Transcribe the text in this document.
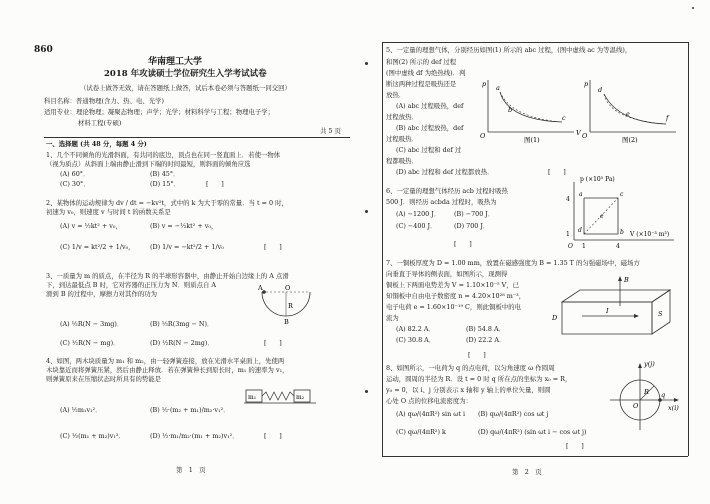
860
华南理工大学
2018 年攻读硕士学位研究生入学考试试卷
（试卷上做答无效，请在答题纸上做答，试后本卷必须与答题纸一同交回）
科目名称：普通物理(含力、热、电、光学)
适用专业：理论物理；凝聚态物理；声学；光学；材料科学与工程；物理电子学；
材料工程(专硕)
共 5 页
一、选择题 (共 48 分，每题 4 分)
1、几个不同倾角的光滑斜面，有共同的底边，顶点也在同一竖直面上．若使一物体
（视为质点）从斜面上端由静止滑到下端的时间最短，则斜面的倾角应选
(A) 60°．	(B) 45°．
(C) 30°．	(D) 15°．	[　　]
2、某物体的运动规律为 dv / dt = −kv²t，式中的 k 为大于零的常量．当 t = 0 时，
初速为 v₀，则速度 v 与时间 t 的函数关系是
(A) v = ½kt² + v₀，	(B) v = −½kt² + v₀，
(C) 1/v = kt²/2 + 1/v₀， (D) 1/v = −kt²/2 + 1/v₀	[　　]
3、一质量为 m 的质点，在半径为 R 的半球形容器中，由静止开始自边缘上的 A 点滑
下，到达最低点 B 时，它对容器的正压力为 N．则质点自 A
滑到 B 的过程中，摩擦力对其作的功为
(A) ½R(N − 3mg)．	(B) ½R(3mg − N)．
(C) ½R(N − mg)．	(D) ½R(N − 2mg)．	[　　]
A	O
R
B
4、如图，两木块质量为 m₁ 和 m₂，由一轻弹簧连接，放在光滑水平桌面上，先使两
木块靠近而将弹簧压紧，然后由静止释放．若在弹簧伸长到原长时，m₁ 的速率为 v₁，
则弹簧原来在压缩状态时所具有的势能是
(A) ½m₁v₁²．	(B) ½·(m₂ + m₁)/m₂·v₁²．
(C) ½(m₁ + m₂)v₁²．	(D) ½·m₁/m₂·(m₁ + m₂)v₁²．	[　　]
m₁	m₂
第　1　页
5、一定量的理想气体，分别经历如图(1) 所示的 abc 过程，(图中虚线 ac 为等温线)，
和图(2) 所示的 def 过程
(图中虚线 df 为绝热线)．判
断这两种过程是吸热还是
放热．
(A) abc 过程吸热，def
过程放热．
(B) abc 过程放热，def
过程吸热．
(C) abc 过程和 def 过
程都吸热．
(D) abc 过程和 def 过程都放热．	[　　]
p
V
O
a
b
c
图(1)
p
O
d
e	f
图(2)
6、一定量的理想气体经历 acb 过程时吸热
500 J．则经历 acbda 过程时，吸热为
(A) −1200 J． (B) −700 J．
(C) −400 J．	(D) 700 J．
[　　]
p (×10⁵ Pa)
V (×10⁻³ m³)
4
1
1	4
O
a	c
b
d
e
7、一铜板厚度为 D = 1.00 mm，放置在磁感强度为 B = 1.35 T 的匀强磁场中，磁场方
向垂直于导体的侧表面，如图所示，现测得
铜板上下两面电势差为 V = 1.10×10⁻⁵ V，已
知铜板中自由电子数密度 n = 4.20×10²⁸ m⁻³，
电子电荷 e = 1.60×10⁻¹⁹ C，则此铜板中的电
流为
(A) 82.2 A．	(B) 54.8 A．
(C) 30.8 A．	(D) 22.2 A．
[　　]
B
D
I	S
8、如图所示，一电荷为 q 的点电荷，以匀角速度 ω 作圆周
运动，圆周的半径为 R．设 t = 0 时 q 所在点的坐标为 x₀ = R，
y₀ = 0，以 i、j 分别表示 x 轴和 y 轴上的单位矢量，则圆
心处 O 点的位移电流密度为：
(A) qω/(4πR²) sin ωt i (B) qω/(4πR²) cos ωt j
(C) qω/(4πR²) k	(D) qω/(4πR²) (sin ωt i − cos ωt j)
[　　]
y(j)
x(i)
R
O
q
第　2　页
